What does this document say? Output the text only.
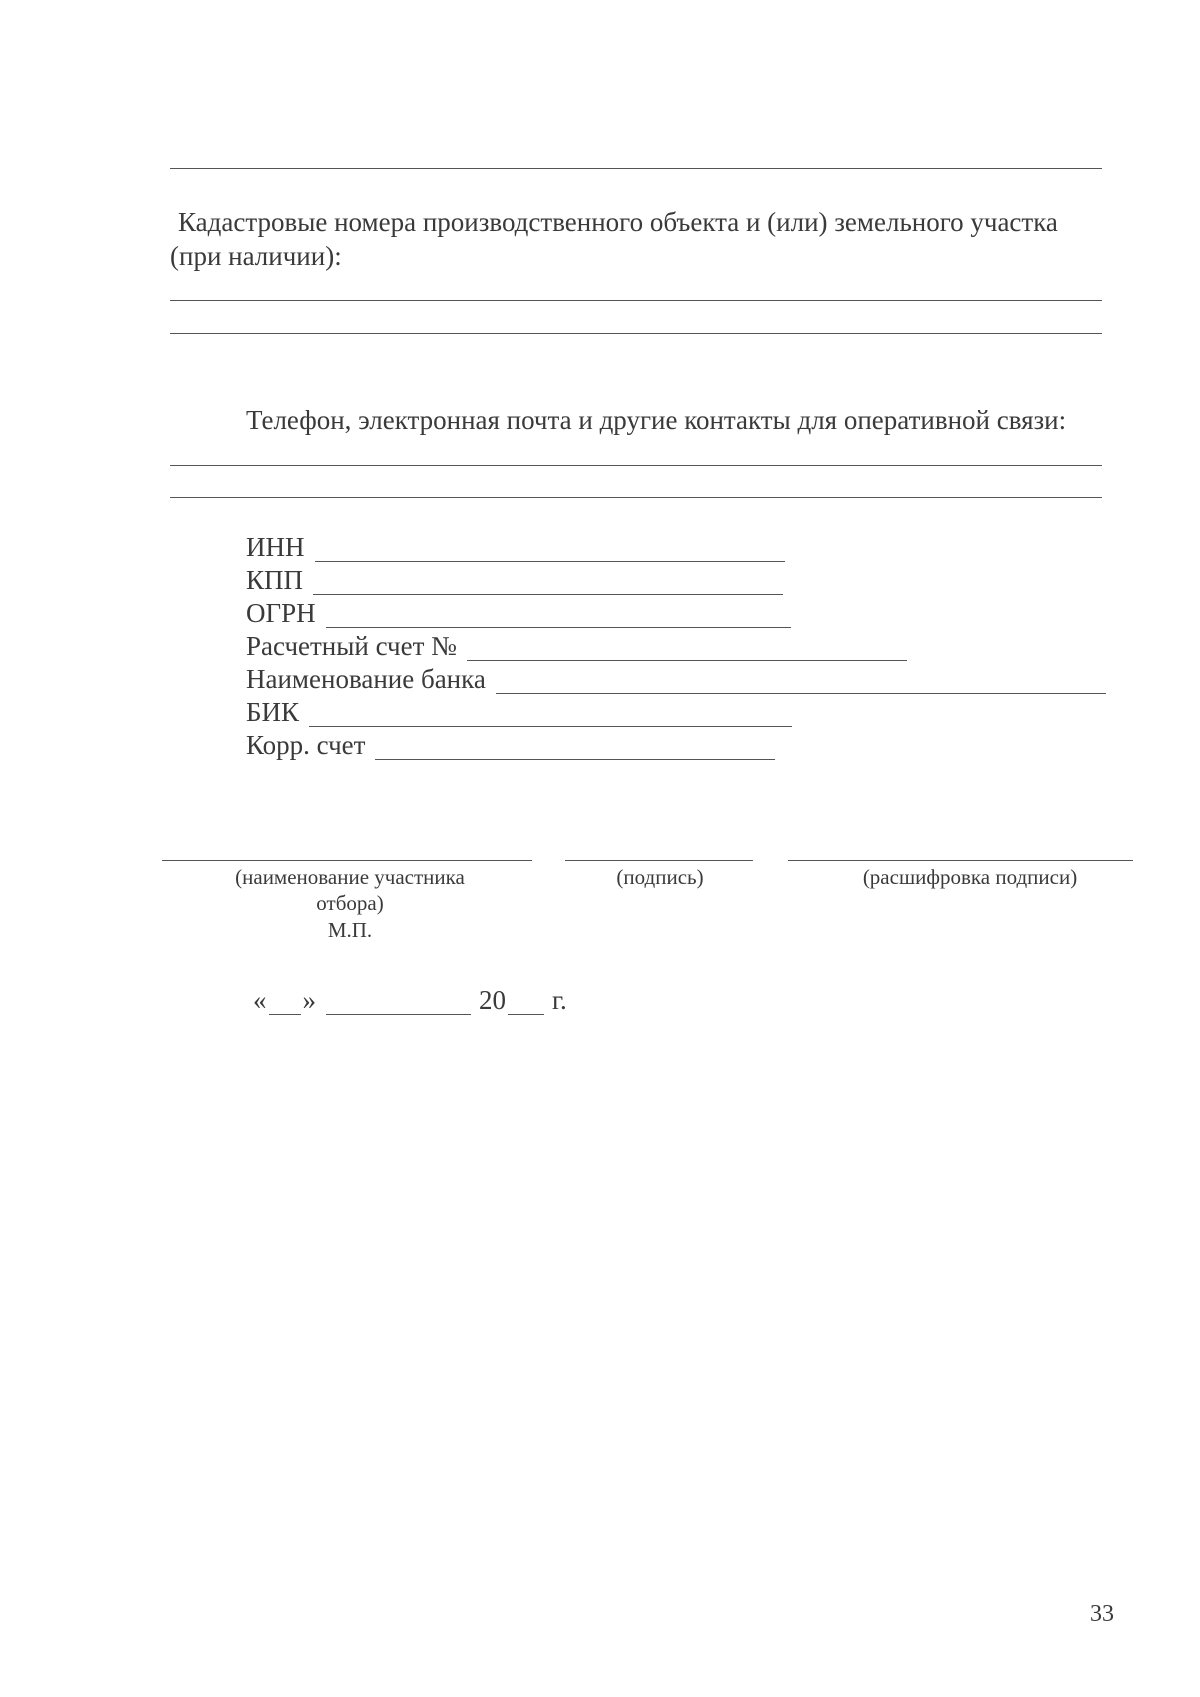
Кадастровые номера производственного объекта и (или) земельного участка
(при наличии):
Телефон, электронная почта и другие контакты для оперативной связи:
ИНН
КПП
ОГРН
Расчетный счет №
Наименование банка
БИК
Корр. счет
(наименование участника
отбора)
М.П.
(подпись)	(расшифровка подписи)
« »	20 г.
33
